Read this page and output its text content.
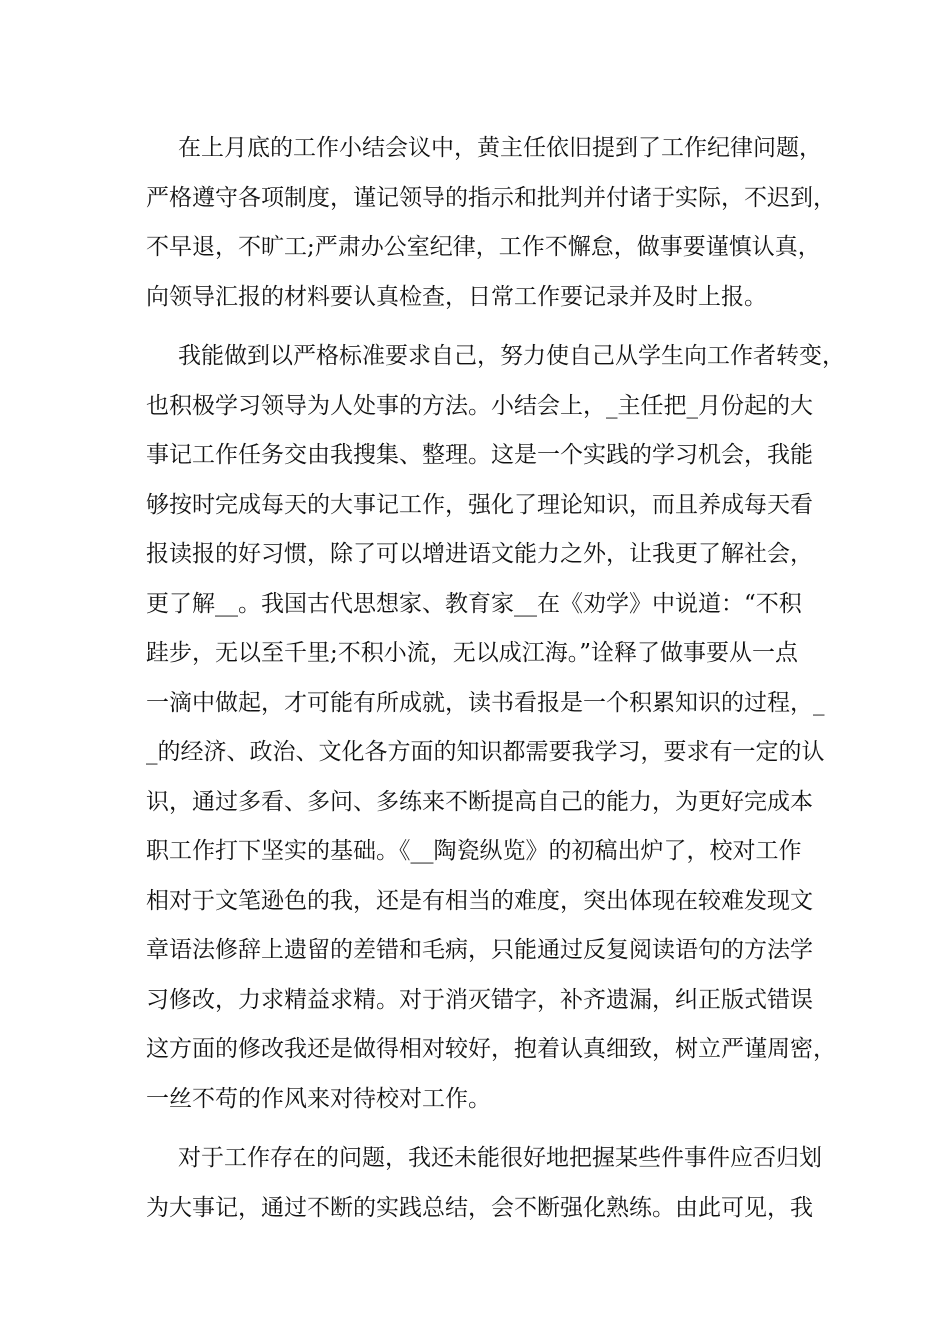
在上月底的工作小结会议中，黄主任依旧提到了工作纪律问题，
严格遵守各项制度，谨记领导的指示和批判并付诸于实际，不迟到，
不早退，不旷工;严肃办公室纪律，工作不懈怠，做事要谨慎认真，
向领导汇报的材料要认真检查，日常工作要记录并及时上报。
我能做到以严格标准要求自己，努力使自己从学生向工作者转变，
也积极学习领导为人处事的方法。小结会上，_主任把_月份起的大
事记工作任务交由我搜集、整理。这是一个实践的学习机会，我能
够按时完成每天的大事记工作，强化了理论知识，而且养成每天看
报读报的好习惯，除了可以增进语文能力之外，让我更了解社会，
更了解__。我国古代思想家、教育家__在《劝学》中说道：“不积
跬步，无以至千里;不积小流，无以成江海。”诠释了做事要从一点
一滴中做起，才可能有所成就，读书看报是一个积累知识的过程，_
_的经济、政治、文化各方面的知识都需要我学习，要求有一定的认
识，通过多看、多问、多练来不断提高自己的能力，为更好完成本
职工作打下坚实的基础。《__陶瓷纵览》的初稿出炉了，校对工作
相对于文笔逊色的我，还是有相当的难度，突出体现在较难发现文
章语法修辞上遗留的差错和毛病，只能通过反复阅读语句的方法学
习修改，力求精益求精。对于消灭错字，补齐遗漏，纠正版式错误
这方面的修改我还是做得相对较好，抱着认真细致，树立严谨周密，
一丝不苟的作风来对待校对工作。
对于工作存在的问题，我还未能很好地把握某些件事件应否归划
为大事记，通过不断的实践总结，会不断强化熟练。由此可见，我
